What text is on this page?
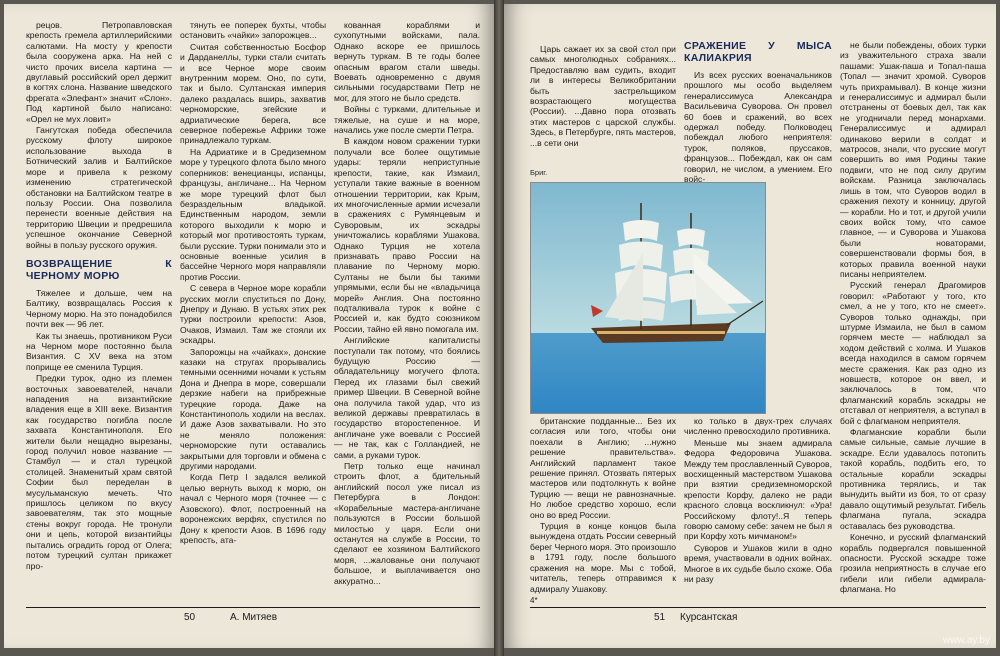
рецов. Петропавловская крепость гремела артиллерийскими салютами. На мосту у крепости была сооружена арка. На ней с чисто прочих висела картина — двуглавый российский орел держит в когтях слона. Название шведского фрегата «Элефант» значит «Слон». Под картиной было написано: «Орел не мух ловит»

Гангутская победа обеспечила русскому флоту широкое использование выхода в Ботнический залив и Балтийское море и привела к резкому изменению стратегической обстановки на Балтийском театре в пользу России. Она позволила перенести военные действия на территорию Швеции и предрешила успешное окончание Северной войны в пользу русского оружия.

ВОЗВРАЩЕНИЕ К ЧЕРНОМУ МОРЮ

Тяжелее и дольше, чем на Балтику, возвращалась Россия к Черному морю. На это понадобился почти век — 96 лет.

Как ты знаешь, противником Руси на Черном море постоянно была Византия. С XV века на этом поприще ее сменила Турция.

Предки турок, одно из племен восточных завоевателей, начали нападения на византийские владения еще в XIII веке. Византия как государство погибла после захвата Константинополя. Его жители были нещадно вырезаны, город получил новое название — Стамбул — и стал турецкой столицей. Знаменитый храм святой Софии был переделан в мусульманскую мечеть. Что пришлось целиком по вкусу завоевателям, так это мощные стены вокруг города. Не тронули они и цепь, которой византийцы пытались оградить город от Олега; потом турецкий султан прикажет про-

тянуть ее поперек бухты, чтобы остановить «чайки» запорожцев...

Считая собственностью Босфор и Дарданеллы, турки стали считать и все Черное море своим внутренним морем. Оно, по сути, так и было. Султанская империя далеко раздалась вширь, захватив черноморские, эгейские и адриатические берега, все северное побережье Африки тоже принадлежало туркам.

На Адриатике и в Средиземном море у турецкого флота было много соперников: венецианцы, испанцы, французы, англичане... На Черном же море турецкий флот был безраздельным владыкой. Единственным народом, земли которого выходили к морю и который мог противостоять туркам, были русские. Турки понимали это и основные военные усилия в бассейне Черного моря направляли против России.

С севера в Черное море корабли русских могли спуститься по Дону, Днепру и Дунаю. В устьях этих рек турки построили крепости: Азов, Очаков, Измаил. Там же стояли их эскадры.

Запорожцы на «чайках», донские казаки на стругах прорывались темными осенними ночами к устьям Дона и Днепра в море, совершали дерзкие набеги на прибрежные турецкие города. Даже на Константинополь ходили на веслах. И даже Азов захватывали. Но это не меняло положения: черноморские пути оставались закрытыми для торговли и обмена с другими народами.

Когда Петр I задался великой целью вернуть выход к морю, он начал с Черного моря (точнее — с Азовского). Флот, построенный на воронежских верфях, спустился по Дону к крепости Азов. В 1696 году крепость, ата-

кованная кораблями и сухопутными войсками, пала. Однако вскоре ее пришлось вернуть туркам. В те годы более опасным врагом стали шведы. Воевать одновременно с двумя сильными государствами Петр не мог, для этого не было средств.

Войны с турками, длительные и тяжелые, на суше и на море, начались уже после смерти Петра.

В каждом новом сражении турки получали все более ощутимые удары: теряли неприступные крепости, такие, как Измаил, уступали такие важные в военном отношении территории, как Крым, их многочисленные армии исчезали в сражениях с Румянцевым и Суворовым, их эскадры уничтожались кораблями Ушакова. Однако Турция не хотела признавать право России на плавание по Черному морю. Султаны не были бы такими упрямыми, если бы не «владычица морей» Англия. Она постоянно подталкивала турок к войне с Россией и, как будто союзником России, тайно ей явно помогала им.

Английские капиталисты поступали так потому, что боялись будущую Россию — обладательницу могучего флота. Перед их глазами был свежий пример Швеции. В Северной войне она получила такой удар, что из великой державы превратилась в государство второстепенное. И англичане уже воевали с Россией — не так, как с Голландией, не сами, а руками турок.

Петр только еще начинал строить флот, а бдительный английский посол уже писал из Петербурга в Лондон: «Корабельные мастера-англичане пользуются в России большой милостью у царя. Если они останутся на службе в России, то сделают ее хозяином Балтийского моря, ...жалованье они получают большое, и выплачивается оно аккуратно...

50	А. Митяев

Царь сажает их за свой стол при самых многолюдных собраниях... Предоставляю вам судить, входит ли в интересы Великобритании быть застрельщиком возрастающего могущества (России). ...Давно пора отозвать этих мастеров с царской службы. Здесь, в Петербурге, пять мастеров, ...в сети они

Бриг.

британские подданные... Без их согласия или того, чтобы они поехали в Англию; ...нужно решение правительства». Английский парламент такое решение принял. Отозвать пятерых мастеров или подтолкнуть к войне Турцию — вещи не равнозначные. Но любое средство хорошо, если оно во вред России.

Турция в конце концов была вынуждена отдать России северный берег Черного моря. Это произошло в 1791 году, после большого сражения на море. Мы с тобой, читатель, теперь отправимся к адмиралу Ушакову.

СРАЖЕНИЕ У МЫСА КАЛИАКРИЯ

Из всех русских военачальников прошлого мы особо выделяем генералиссимуса Александра Васильевича Суворова. Он провел 60 боев и сражений, во всех одержал победу. Полководец побеждал любого неприятеля: турок, поляков, пруссаков, французов... Побеждал, как он сам говорил, не числом, а умением. Его войс-

ко только в двух-трех случаях численно превосходило противника.

Меньше мы знаем адмирала Федора Федоровича Ушакова. Между тем прославленный Суворов, восхищенный мастерством Ушакова при взятии средиземноморской крепости Корфу, далеко не ради красного словца воскликнул: «Ура! Российскому флоту!..Я теперь говорю самому себе: зачем не был я при Корфу хоть мичманом!»

Суворов и Ушаков жили в одно время, участвовали в одних войнах. Многое в их судьбе было схоже. Оба ни разу

не были побеждены, обоих турки из уважительного страха звали пашами: Ушак-паша и Топал-паша (Топал — значит хромой. Суворов чуть прихрамывал). В конце жизни и генералиссимус и адмирал были отстранены от боевых дел, так как не угодничали перед монархами. Генералиссимус и адмирал одинаково верили в солдат и матросов, знали, что русские могут совершить во имя Родины такие подвиги, что не под силу другим войскам. Разница заключалась лишь в том, что Суворов водил в сражения пехоту и конницу, другой — корабли. Но и тот, и другой учили своих войск тому, что самое главное, — и Суворова и Ушакова были новаторами, совершенствовали формы боя, в которых правила военной науки писаны неприятелем.

Русский генерал Драгомиров говорил: «Работают у того, кто смел, а не у того, кто не смеет». Суворов только однажды, при штурме Измаила, не был в самом горячем месте — наблюдал за ходом действий с холма. И Ушаков всегда находился в самом горячем месте сражения. Как раз одно из новшеств, которое он ввел, и заключалось в том, что флагманский корабль эскадры не отставал от неприятеля, а вступал в бой с флагманом неприятеля.

Флагманские корабли были самые сильные, самые лучшие в эскадре. Если удавалось потопить такой корабль, подбить его, то остальные корабли эскадры противника терялись, и так вынудить выйти из боя, то от сразу давало ощутимый результат. Гибель флагмана пугала, эскадра оставалась без руководства.

Конечно, и русский флагманский корабль подвергался повышенной опасности. Русской эскадре тоже грозила неприятность в случае его гибели или гибели адмирала-флагмана. Но

4*
51 Курсантская
www.ay.by
